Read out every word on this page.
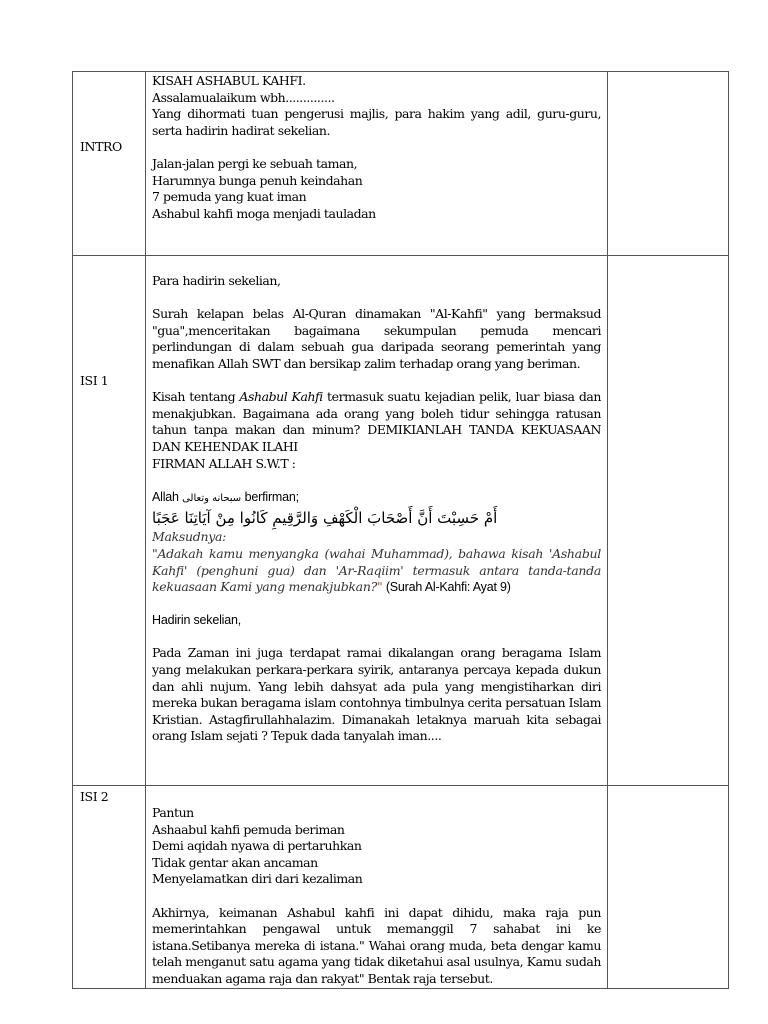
INTRO
ISI 1
ISI 2

KISAH ASHABUL KAHFI.

Assalamualaikum wbh..............

Yang dihormati tuan pengerusi majlis, para hakim yang adil, guru-guru, serta hadirin hadirat sekelian.

Jalan-jalan pergi ke sebuah taman,

Harumnya bunga penuh keindahan

7 pemuda yang kuat iman

Ashabul kahfi moga menjadi tauladan

Para hadirin sekelian,

Surah kelapan belas Al-Quran dinamakan "Al-Kahfi" yang bermaksud "gua",menceritakan bagaimana sekumpulan pemuda mencari perlindungan di dalam sebuah gua daripada seorang pemerintah yang menafikan Allah SWT dan bersikap zalim terhadap orang yang beriman.

Kisah tentang Ashabul Kahfi termasuk suatu kejadian pelik, luar biasa dan menakjubkan. Bagaimana ada orang yang boleh tidur sehingga ratusan tahun tanpa makan dan minum? DEMIKIANLAH TANDA KEKUASAAN DAN KEHENDAK ILAHI

FIRMAN ALLAH S.W.T :

Allah سبحانه وتعالى berfirman;

أَمْ حَسِبْتَ أَنَّ أَصْحَابَ الْكَهْفِ وَالرَّقِيمِ كَانُوا مِنْ آيَاتِنَا عَجَبًا

Maksudnya:

"Adakah kamu menyangka (wahai Muhammad), bahawa kisah 'Ashabul Kahfi' (penghuni gua) dan 'Ar-Raqiim' termasuk antara tanda-tanda kekuasaan Kami yang menakjubkan?" (Surah Al-Kahfi: Ayat 9)

Hadirin sekelian,

Pada Zaman ini juga terdapat ramai dikalangan orang beragama Islam yang melakukan perkara-perkara syirik, antaranya percaya kepada dukun dan ahli nujum. Yang lebih dahsyat ada pula yang mengistiharkan diri mereka bukan beragama islam contohnya timbulnya cerita persatuan Islam Kristian. Astagfirullahhalazim. Dimanakah letaknya maruah kita sebagai orang Islam sejati ? Tepuk dada tanyalah iman....

Pantun

Ashaabul kahfi pemuda beriman

Demi aqidah nyawa di pertaruhkan

Tidak gentar akan ancaman

Menyelamatkan diri dari kezaliman

Akhirnya, keimanan Ashabul kahfi ini dapat dihidu, maka raja pun memerintahkan pengawal untuk memanggil 7 sahabat ini ke istana.Setibanya mereka di istana." Wahai orang muda, beta dengar kamu telah menganut satu agama yang tidak diketahui asal usulnya, Kamu sudah menduakan agama raja dan rakyat" Bentak raja tersebut.
